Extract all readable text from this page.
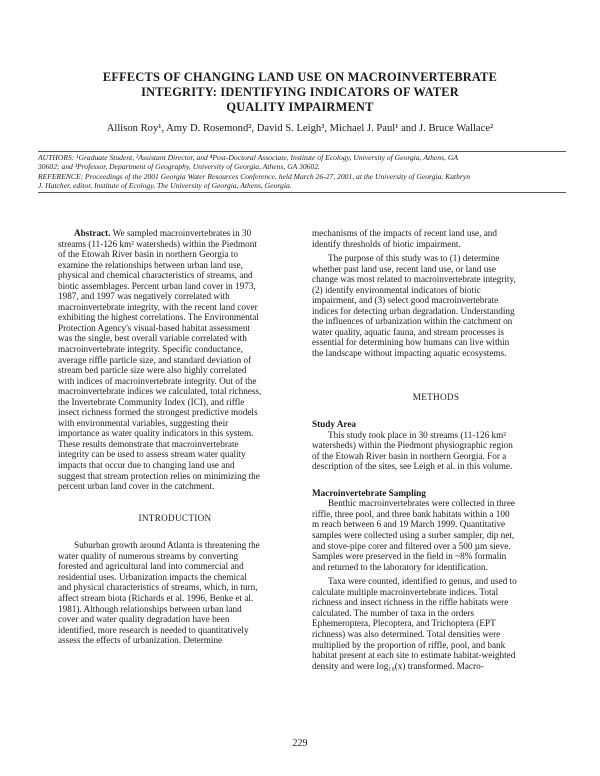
EFFECTS OF CHANGING LAND USE ON MACROINVERTEBRATE
INTEGRITY: IDENTIFYING INDICATORS OF WATER
QUALITY IMPAIRMENT
Allison Roy¹, Amy D. Rosemond², David S. Leigh³, Michael J. Paul¹ and J. Bruce Wallace²
AUTHORS: ¹Graduate Student, ²Assistant Director, and ⁴Post-Doctoral Associate, Institute of Ecology, University of Georgia, Athens, GA
30602; and ³Professor, Department of Geography, University of Georgia, Athens, GA 30602.
REFERENCE: Proceedings of the 2001 Georgia Water Resources Conference, held March 26-27, 2001, at the University of Georgia. Kathryn
J. Hatcher, editor, Institute of Ecology, The University of Georgia, Athens, Georgia.
Abstract. We sampled macroinvertebrates in 30
streams (11-126 km² watersheds) within the Piedmont
of the Etowah River basin in northern Georgia to
examine the relationships between urban land use,
physical and chemical characteristics of streams, and
biotic assemblages. Percent urban land cover in 1973,
1987, and 1997 was negatively correlated with
macroinvertebrate integrity, with the recent land cover
exhibiting the highest correlations. The Environmental
Protection Agency's visual-based habitat assessment
was the single, best overall variable correlated with
macroinvertebrate integrity. Specific conductance,
average riffle particle size, and standard deviation of
stream bed particle size were also highly correlated
with indices of macroinvertebrate integrity. Out of the
macroinvertebrate indices we calculated, total richness,
the Invertebrate Community Index (ICI), and riffle
insect richness formed the strongest predictive models
with environmental variables, suggesting their
importance as water quality indicators in this system.
These results demonstrate that macroinvertebrate
integrity can be used to assess stream water quality
impacts that occur due to changing land use and
suggest that stream protection relies on minimizing the
percent urban land cover in the catchment.
INTRODUCTION
Suburban growth around Atlanta is threatening the
water quality of numerous streams by converting
forested and agricultural land into commercial and
residential uses. Urbanization impacts the chemical
and physical characteristics of streams, which, in turn,
affect stream biota (Richards et al. 1996, Benke et al.
1981). Although relationships between urban land
cover and water quality degradation have been
identified, more research is needed to quantitatively
assess the effects of urbanization. Determine
mechanisms of the impacts of recent land use, and
identify thresholds of biotic impairment.
The purpose of this study was to (1) determine
whether past land use, recent land use, or land use
change was most related to macroinvertebrate integrity,
(2) identify environmental indicators of biotic
impairment, and (3) select good macroinvertebrate
indices for detecting urban degradation. Understanding
the influences of urbanization within the catchment on
water quality, aquatic fauna, and stream processes is
essential for determining how humans can live within
the landscape without impacting aquatic ecosystems.
METHODS
Study Area
This study took place in 30 streams (11-126 km²
watersheds) within the Piedmont physiographic region
of the Etowah River basin in northern Georgia. For a
description of the sites, see Leigh et al. in this volume.
Macroinvertebrate Sampling
Benthic macroinvertebrates were collected in three
riffle, three pool, and three bank habitats within a 100
m reach between 6 and 19 March 1999. Quantitative
samples were collected using a surber sampler, dip net,
and stove-pipe corer and filtered over a 500 µm sieve.
Samples were preserved in the field in ~8% formalin
and returned to the laboratory for identification.
Taxa were counted, identified to genus, and used to
calculate multiple macroinvertebrate indices. Total
richness and insect richness in the riffle habitats were
calculated. The number of taxa in the orders
Ephemeroptera, Plecoptera, and Trichoptera (EPT
richness) was also determined. Total densities were
multiplied by the proportion of riffle, pool, and bank
habitat present at each site to estimate habitat-weighted
density and were log₁₀(x) transformed. Macro-
229
